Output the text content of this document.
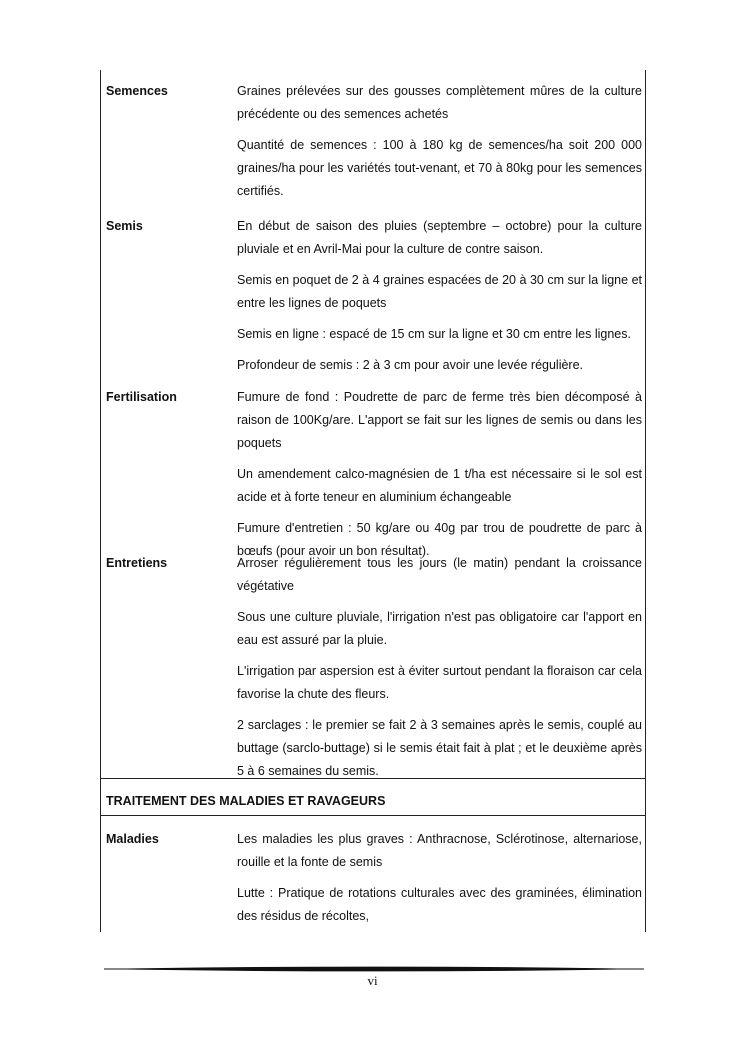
Semences	Graines prélevées sur des gousses complètement mûres de la culture précédente ou des semences achetés

Quantité de semences : 100 à 180 kg de semences/ha soit 200 000 graines/ha pour les variétés tout-venant, et 70 à 80kg pour les semences certifiés.

Semis	En début de saison des pluies (septembre – octobre) pour la culture pluviale et en Avril-Mai pour la culture de contre saison.

Semis en poquet de 2 à 4 graines espacées de 20 à 30 cm sur la ligne et entre les lignes de poquets

Semis en ligne : espacé de 15 cm sur la ligne et 30 cm entre les lignes.

Profondeur de semis : 2 à 3 cm pour avoir une levée régulière.

Fertilisation	Fumure de fond : Poudrette de parc de ferme très bien décomposé à raison de 100Kg/are. L'apport se fait sur les lignes de semis ou dans les poquets

Un amendement calco-magnésien de 1 t/ha est nécessaire si le sol est acide et à forte teneur en aluminium échangeable

Fumure d'entretien : 50 kg/are ou 40g par trou de poudrette de parc à bœufs (pour avoir un bon résultat).

Entretiens	Arroser régulièrement tous les jours (le matin) pendant la croissance végétative

Sous une culture pluviale, l'irrigation n'est pas obligatoire car l'apport en eau est assuré par la pluie.

L'irrigation par aspersion est à éviter surtout pendant la floraison car cela favorise la chute des fleurs.

2 sarclages : le premier se fait 2 à 3 semaines après le semis, couplé au buttage (sarclo-buttage) si le semis était fait à plat ; et le deuxième après 5 à 6 semaines du semis.

TRAITEMENT DES MALADIES ET RAVAGEURS
Maladies	Les maladies les plus graves : Anthracnose, Sclérotinose, alternariose, rouille et la fonte de semis

Lutte : Pratique de rotations culturales avec des graminées, élimination des résidus de récoltes,

vi
